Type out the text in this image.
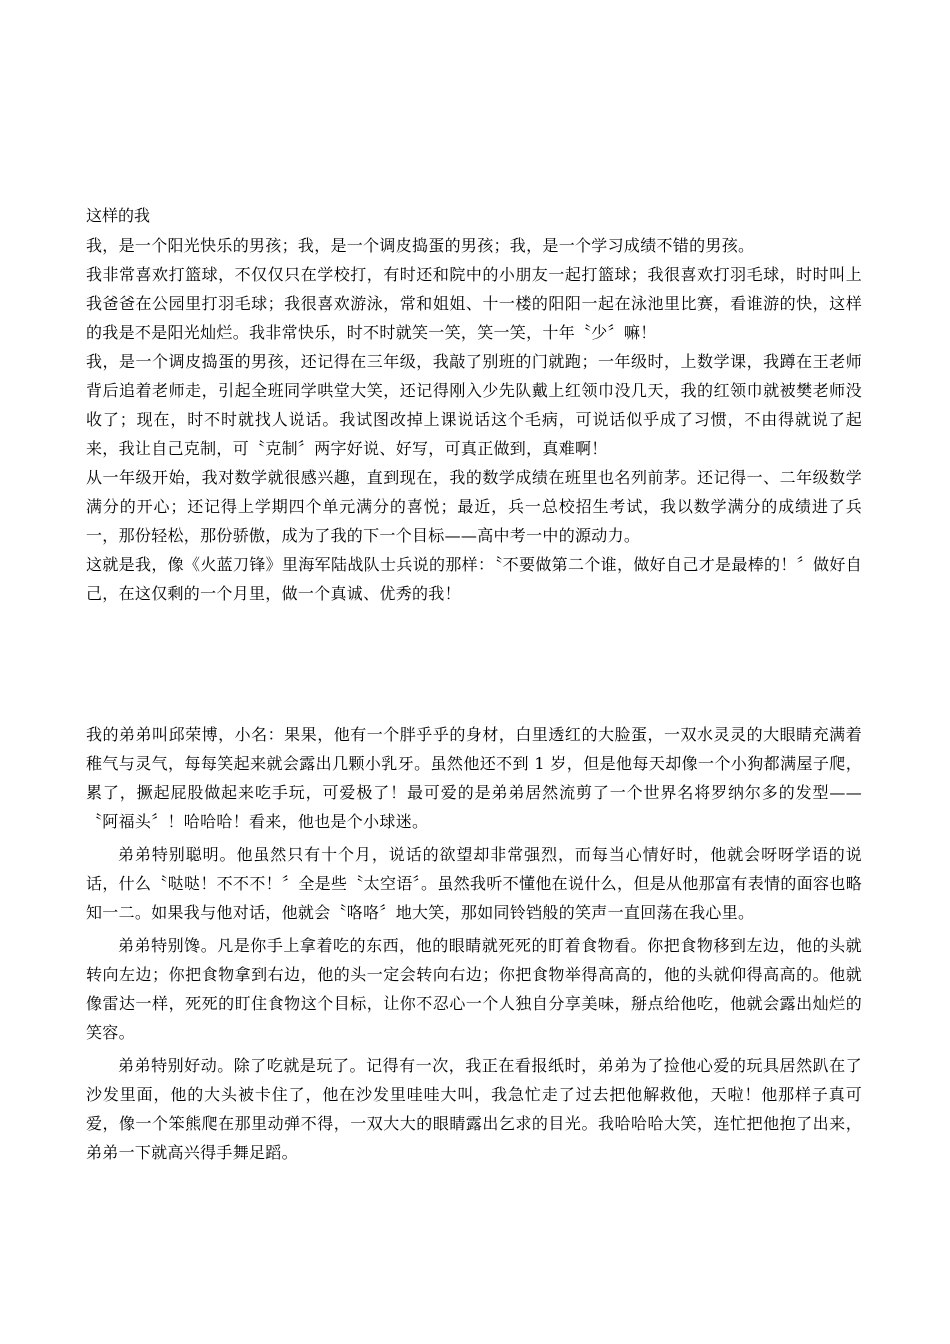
这样的我

我，是一个阳光快乐的男孩；我，是一个调皮捣蛋的男孩；我，是一个学习成绩不错的男孩。

我非常喜欢打篮球，不仅仅只在学校打，有时还和院中的小朋友一起打篮球；我很喜欢打羽毛球，时时叫上我爸爸在公园里打羽毛球；我很喜欢游泳，常和姐姐、十一楼的阳阳一起在泳池里比赛，看谁游的快，这样的我是不是阳光灿烂。我非常快乐，时不时就笑一笑，笑一笑，十年〝少〞嘛！

我，是一个调皮捣蛋的男孩，还记得在三年级，我敲了别班的门就跑；一年级时，上数学课，我蹲在王老师背后追着老师走，引起全班同学哄堂大笑，还记得刚入少先队戴上红领巾没几天，我的红领巾就被樊老师没收了；现在，时不时就找人说话。我试图改掉上课说话这个毛病，可说话似乎成了习惯，不由得就说了起来，我让自己克制，可〝克制〞两字好说、好写，可真正做到，真难啊！

从一年级开始，我对数学就很感兴趣，直到现在，我的数学成绩在班里也名列前茅。还记得一、二年级数学满分的开心；还记得上学期四个单元满分的喜悦；最近，兵一总校招生考试，我以数学满分的成绩进了兵一，那份轻松，那份骄傲，成为了我的下一个目标——高中考一中的源动力。

这就是我，像《火蓝刀锋》里海军陆战队士兵说的那样：〝不要做第二个谁，做好自己才是最棒的！〞做好自己，在这仅剩的一个月里，做一个真诚、优秀的我！

我的弟弟叫邱荣博，小名：果果，他有一个胖乎乎的身材，白里透红的大脸蛋，一双水灵灵的大眼睛充满着稚气与灵气，每每笑起来就会露出几颗小乳牙。虽然他还不到 1 岁，但是他每天却像一个小狗都满屋子爬，累了，撅起屁股做起来吃手玩，可爱极了！最可爱的是弟弟居然流剪了一个世界名将罗纳尔多的发型——〝阿福头〞！哈哈哈！看来，他也是个小球迷。

弟弟特别聪明。他虽然只有十个月，说话的欲望却非常强烈，而每当心情好时，他就会呀呀学语的说话，什么〝哒哒！不不不！〞全是些〝太空语〞。虽然我听不懂他在说什么，但是从他那富有表情的面容也略知一二。如果我与他对话，他就会〝咯咯〞地大笑，那如同铃铛般的笑声一直回荡在我心里。

弟弟特别馋。凡是你手上拿着吃的东西，他的眼睛就死死的盯着食物看。你把食物移到左边，他的头就转向左边；你把食物拿到右边，他的头一定会转向右边；你把食物举得高高的，他的头就仰得高高的。他就像雷达一样，死死的盯住食物这个目标，让你不忍心一个人独自分享美味，掰点给他吃，他就会露出灿烂的笑容。

弟弟特别好动。除了吃就是玩了。记得有一次，我正在看报纸时，弟弟为了捡他心爱的玩具居然趴在了沙发里面，他的大头被卡住了，他在沙发里哇哇大叫，我急忙走了过去把他解救他，天啦！他那样子真可爱，像一个笨熊爬在那里动弹不得，一双大大的眼睛露出乞求的目光。我哈哈哈大笑，连忙把他抱了出来，弟弟一下就高兴得手舞足蹈。
